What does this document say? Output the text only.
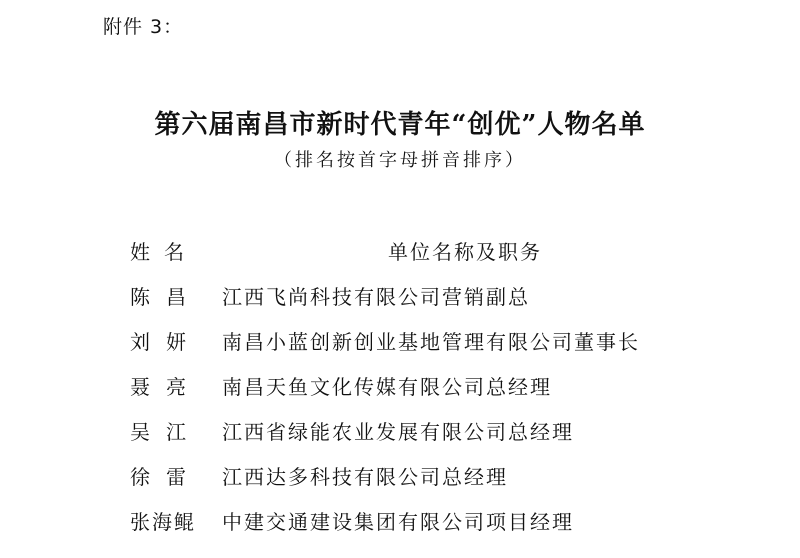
附件 3：
第六届南昌市新时代青年“创优”人物名单
（排名按首字母拼音排序）
姓名	单位名称及职务
陈昌	江西飞尚科技有限公司营销副总
刘妍	南昌小蓝创新创业基地管理有限公司董事长
聂亮	南昌天鱼文化传媒有限公司总经理
吴江	江西省绿能农业发展有限公司总经理
徐雷	江西达多科技有限公司总经理
张海鲲	中建交通建设集团有限公司项目经理
